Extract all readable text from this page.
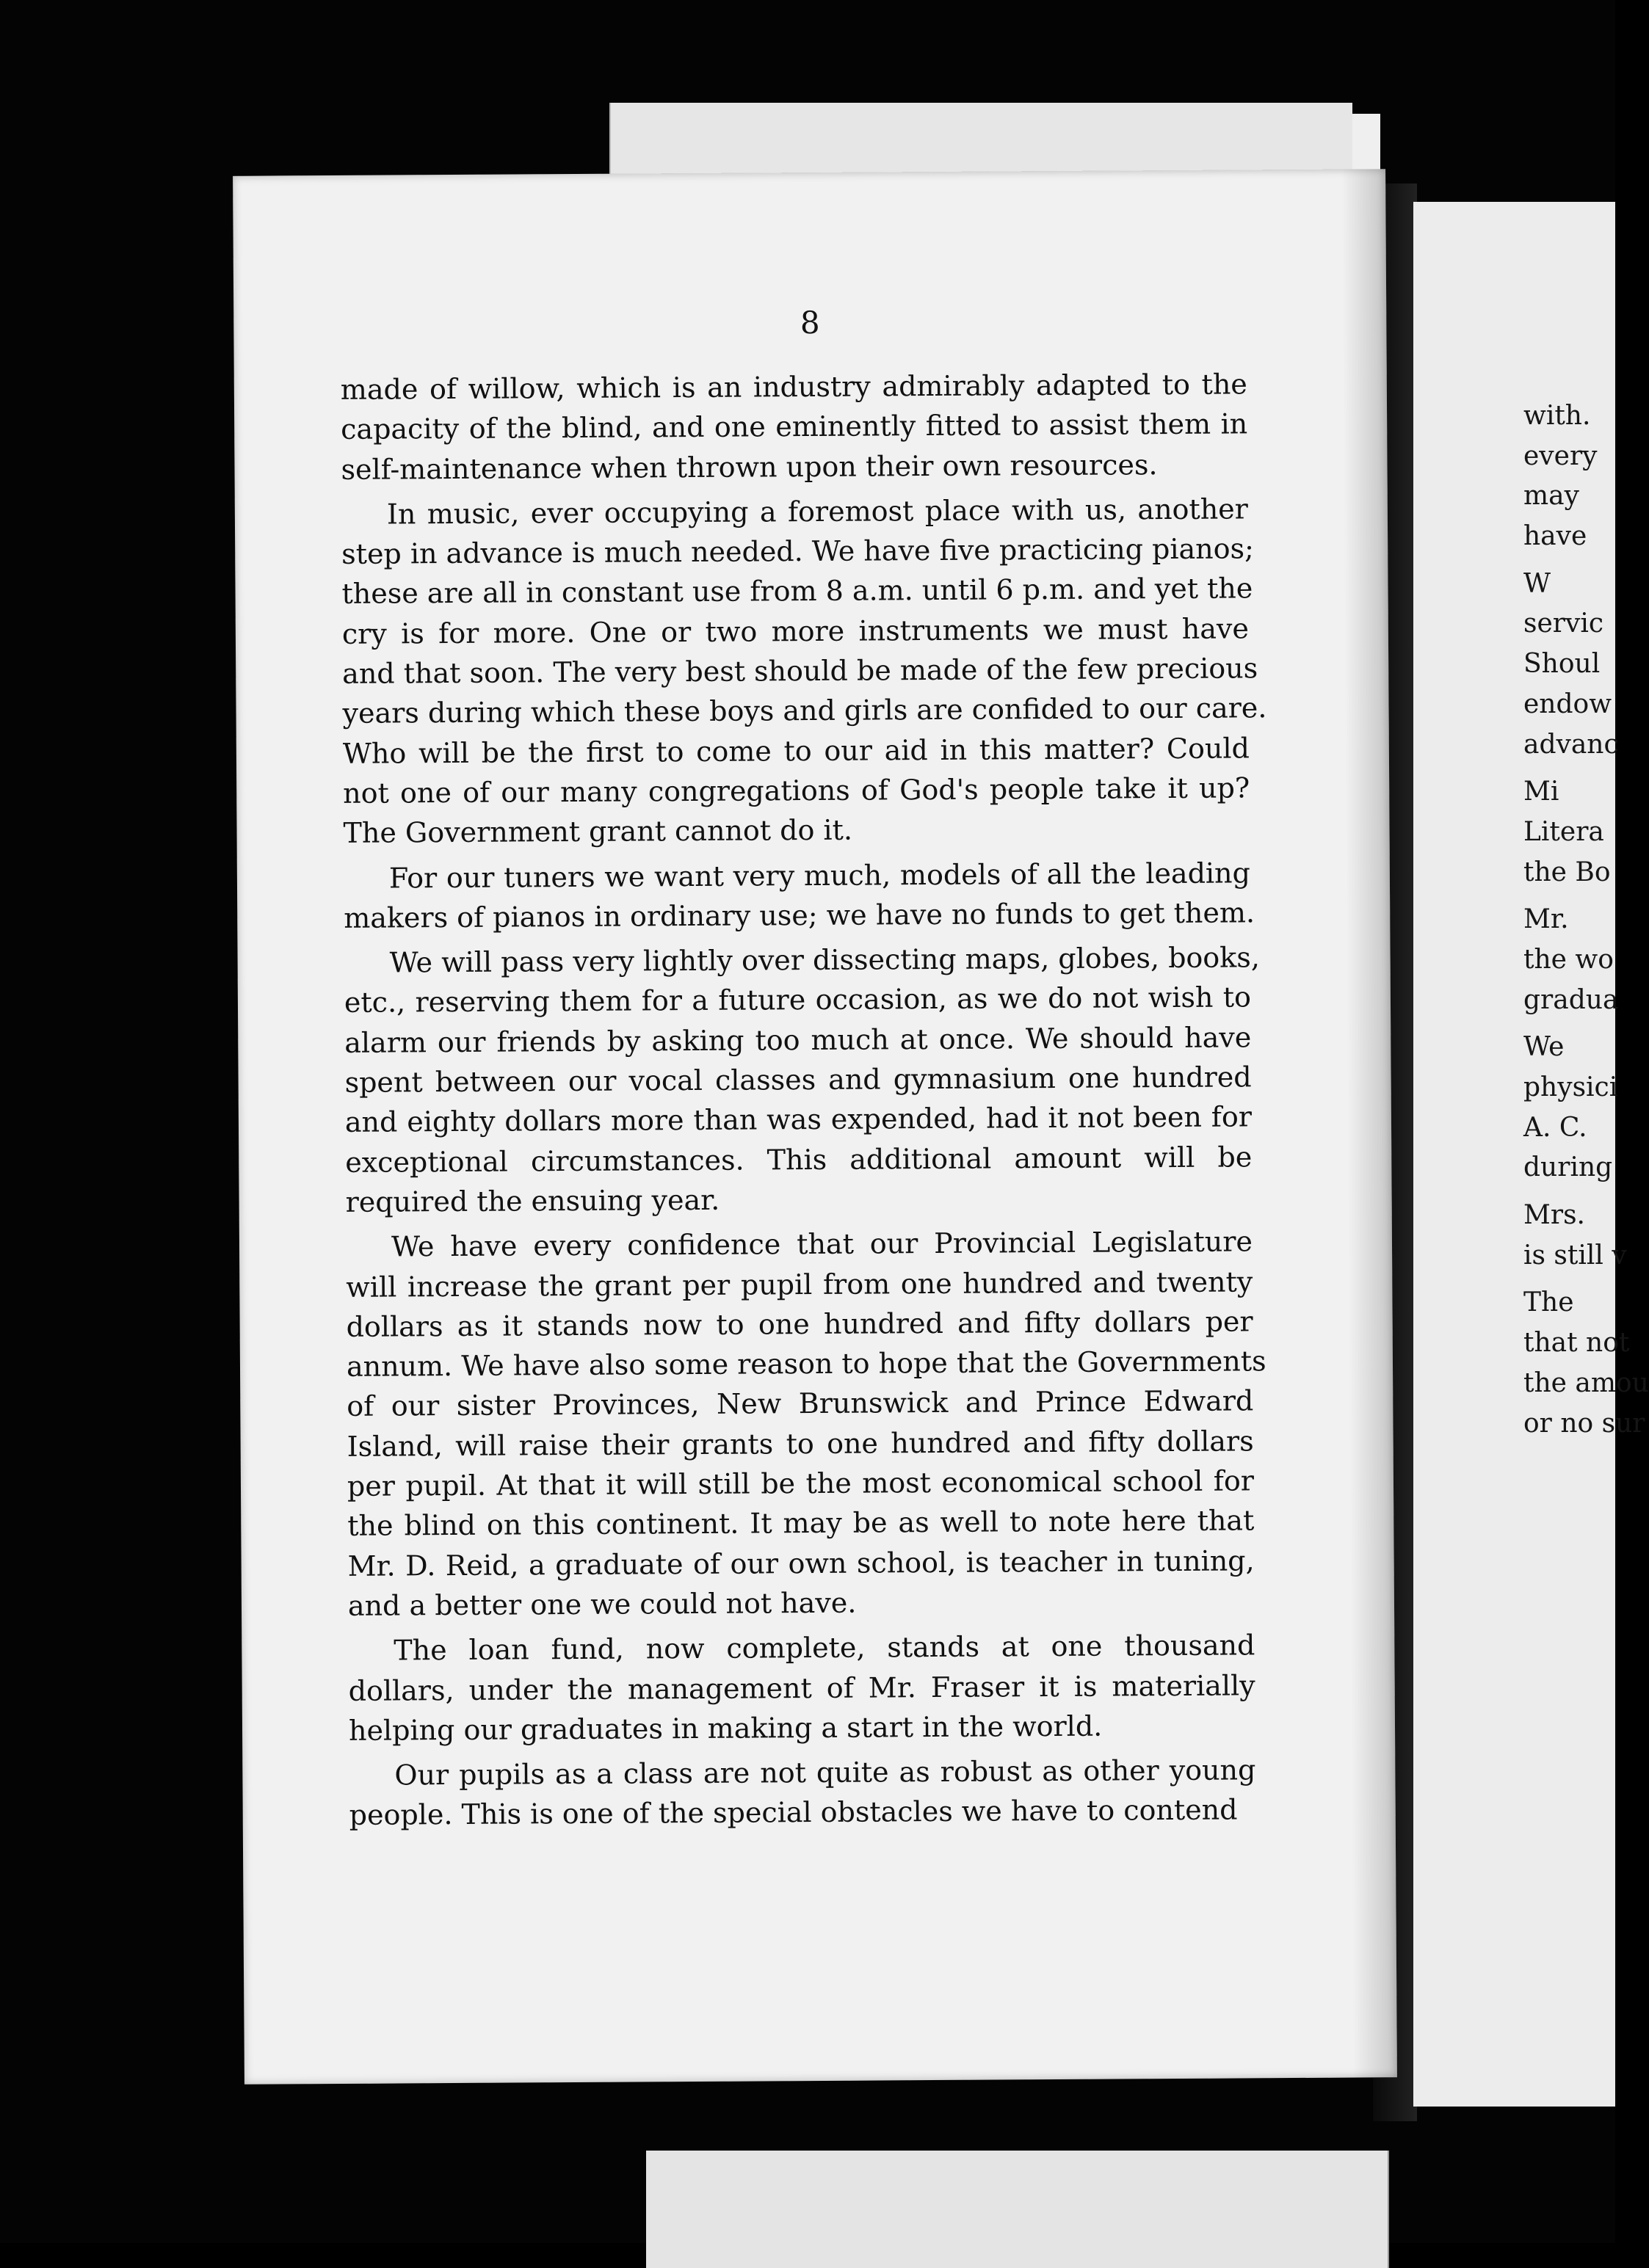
with.
every
may
have
W
servic
Shoul
endow
advanc
Mi
Litera
the Bo
Mr.
the wo
gradua
We
physici
A. C.
during
Mrs.
is still v
The
that not
the amou
or no sur
8
made of willow, which is an industry admirably adapted to the
capacity of the blind, and one eminently fitted to assist them in
self-maintenance when thrown upon their own resources.
In music, ever occupying a foremost place with us, another
step in advance is much needed. We have five practicing pianos;
these are all in constant use from 8 a.m. until 6 p.m. and yet the
cry is for more. One or two more instruments we must have
and that soon. The very best should be made of the few precious
years during which these boys and girls are confided to our care.
Who will be the first to come to our aid in this matter? Could
not one of our many congregations of God's people take it up?
The Government grant cannot do it.
For our tuners we want very much, models of all the leading
makers of pianos in ordinary use; we have no funds to get them.
We will pass very lightly over dissecting maps, globes, books,
etc., reserving them for a future occasion, as we do not wish to
alarm our friends by asking too much at once. We should have
spent between our vocal classes and gymnasium one hundred
and eighty dollars more than was expended, had it not been for
exceptional circumstances. This additional amount will be
required the ensuing year.
We have every confidence that our Provincial Legislature
will increase the grant per pupil from one hundred and twenty
dollars as it stands now to one hundred and fifty dollars per
annum. We have also some reason to hope that the Governments
of our sister Provinces, New Brunswick and Prince Edward
Island, will raise their grants to one hundred and fifty dollars
per pupil. At that it will still be the most economical school for
the blind on this continent. It may be as well to note here that
Mr. D. Reid, a graduate of our own school, is teacher in tuning,
and a better one we could not have.
The loan fund, now complete, stands at one thousand
dollars, under the management of Mr. Fraser it is materially
helping our graduates in making a start in the world.
Our pupils as a class are not quite as robust as other young
people. This is one of the special obstacles we have to contend
